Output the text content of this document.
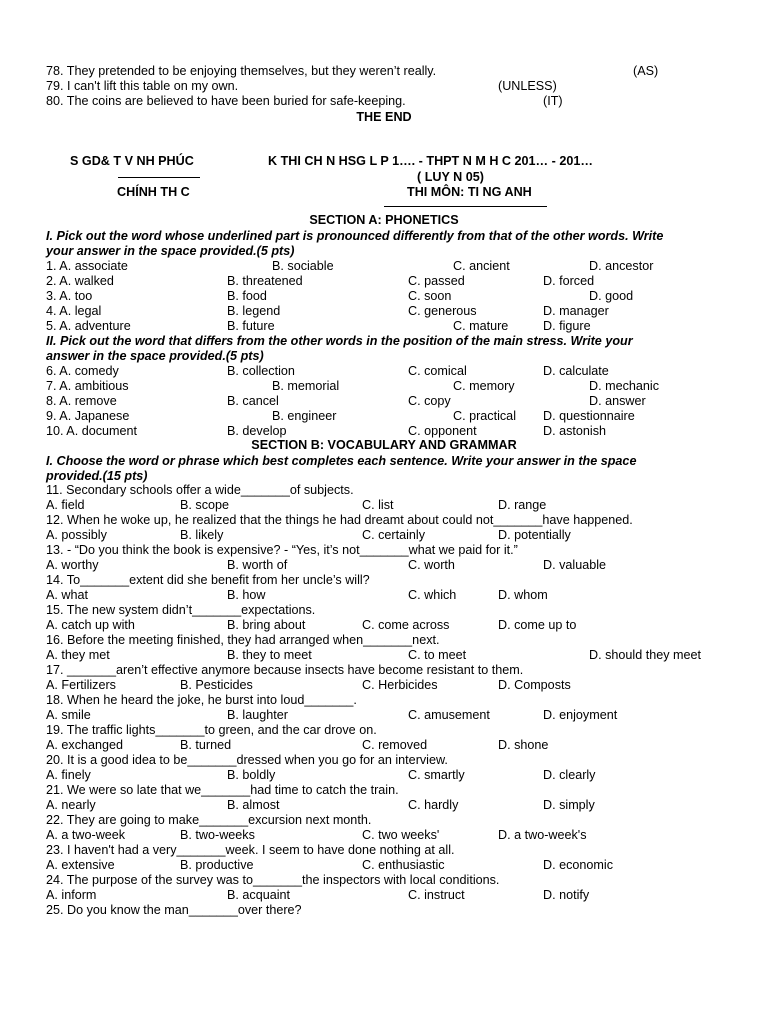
78. They pretended to be enjoying themselves, but they weren’t really.	(AS)
79. I can't lift this table on my own.	(UNLESS)
80. The coins are believed to have been buried for safe-keeping.	(IT)
THE END
S GD& T V NH PHÚC	K THI CH N HSG L P 1…. - THPT N M H C 201… - 201…
( LUY N 05)
CHÍNH TH C	THI MÔN: TI NG ANH
SECTION A: PHONETICS
I. Pick out the word whose underlined part is pronounced differently from that of the other words. Write
your answer in the space provided.(5 pts)
II. Pick out the word that differs from the other words in the position of the main stress. Write your
answer in the space provided.(5 pts)
SECTION B: VOCABULARY AND GRAMMAR
I. Choose the word or phrase which best completes each sentence. Write your answer in the space
provided.(15 pts)
1. A. associate	B. sociable	C. ancient	D. ancestor
2. A. walked	B. threatened	C. passed	D. forced
3. A. too	B. food	C. soon	D. good
4. A. legal	B. legend	C. generous	D. manager
5. A. adventure	B. future	C. mature	D. figure
6. A. comedy	B. collection	C. comical	D. calculate
7. A. ambitious	B. memorial	C. memory	D. mechanic
8. A. remove	B. cancel	C. copy	D. answer
9. A. Japanese	B. engineer	C. practical D. questionnaire
10. A. document	B. develop	C. opponent	D. astonish
11. Secondary schools offer a wide_______of subjects.
A. field	B. scope	C. list	D. range
12. When he woke up, he realized that the things he had dreamt about could not_______have happened.
A. possibly	B. likely	C. certainly	D. potentially
13. - “Do you think the book is expensive? - “Yes, it’s not_______what we paid for it.”
A. worthy	B. worth of	C. worth	D. valuable
14. To_______extent did she benefit from her uncle’s will?
A. what	B. how	C. which	D. whom
15. The new system didn’t_______expectations.
A. catch up with	B. bring about	C. come across	D. come up to
16. Before the meeting finished, they had arranged when_______next.
A. they met	B. they to meet	C. to meet	D. should they meet
17. _______aren’t effective anymore because insects have become resistant to them.
A. Fertilizers	B. Pesticides	C. Herbicides	D. Composts
18. When he heard the joke, he burst into loud_______.
A. smile	B. laughter	C. amusement	D. enjoyment
19. The traffic lights_______to green, and the car drove on.
A. exchanged	B. turned	C. removed	D. shone
20. It is a good idea to be_______dressed when you go for an interview.
A. finely	B. boldly	C. smartly	D. clearly
21. We were so late that we_______had time to catch the train.
A. nearly	B. almost	C. hardly	D. simply
22. They are going to make_______excursion next month.
A. a two-week	B. two-weeks	C. two weeks'	D. a two-week's
23. I haven't had a very_______week. I seem to have done nothing at all.
A. extensive	B. productive	C. enthusiastic	D. economic
24. The purpose of the survey was to_______the inspectors with local conditions.
A. inform	B. acquaint	C. instruct	D. notify
25. Do you know the man_______over there?
